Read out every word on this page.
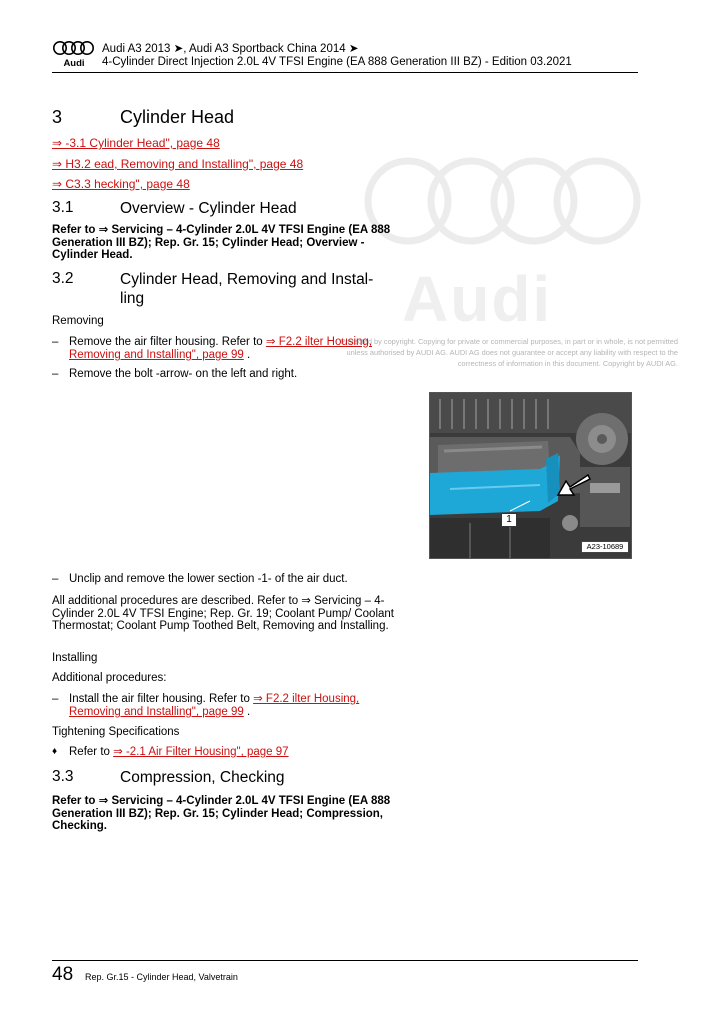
Audi
Audi A3 2013 ➤, Audi A3 Sportback China 2014 ➤
4-Cylinder Direct Injection 2.0L 4V TFSI Engine (EA 888 Generation III BZ) - Edition 03.2021
Audi
Protected by copyright. Copying for private or commercial purposes, in part or in whole, is not permitted unless authorised by AUDI AG. AUDI AG does not guarantee or accept any liability with respect to the correctness of information in this document. Copyright by AUDI AG.
3	Cylinder Head
⇒ -3.1 Cylinder Head", page 48
⇒ H3.2 ead, Removing and Installing", page 48
⇒ C3.3 hecking", page 48
3.1	Overview - Cylinder Head
Refer to ⇒ Servicing – 4-Cylinder 2.0L 4V TFSI Engine (EA 888 Generation III BZ); Rep. Gr. 15; Cylinder Head; Overview - Cylinder Head.
3.2	Cylinder Head, Removing and Instal-
ling
Removing
– Remove the air filter housing. Refer to ⇒ F2.2 ilter Housing,
Removing and Installing", page 99 .
– Remove the bolt -arrow- on the left and right.
1
A23-10689
– Unclip and remove the lower section -1- of the air duct.
All additional procedures are described. Refer to ⇒ Servicing – 4-Cylinder 2.0L 4V TFSI Engine; Rep. Gr. 19; Coolant Pump/ Coolant Thermostat; Coolant Pump Toothed Belt, Removing and Installing.
Installing
Additional procedures:
– Install the air filter housing. Refer to ⇒ F2.2 ilter Housing,
Removing and Installing", page 99 .
Tightening Specifications
♦ Refer to ⇒ -2.1 Air Filter Housing", page 97
3.3	Compression, Checking
Refer to ⇒ Servicing – 4-Cylinder 2.0L 4V TFSI Engine (EA 888 Generation III BZ); Rep. Gr. 15; Cylinder Head; Compression, Checking.
48 Rep. Gr.15 - Cylinder Head, Valvetrain
